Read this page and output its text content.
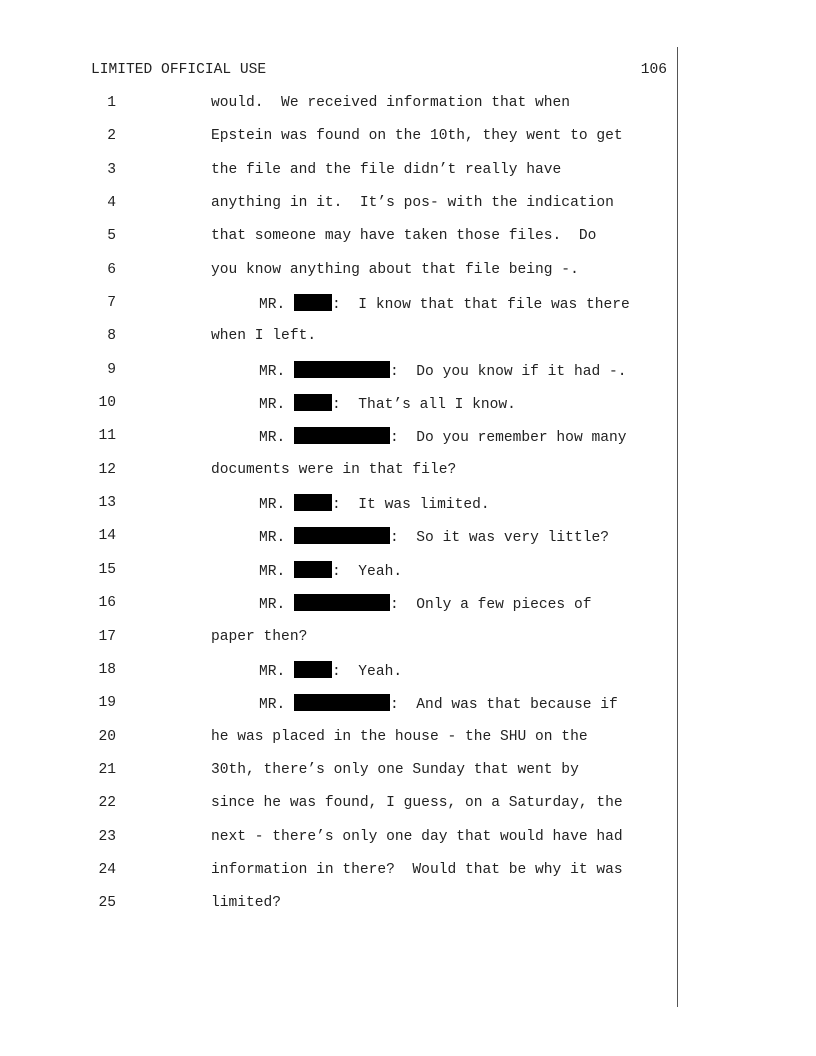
LIMITED OFFICIAL USE	106
1	would.  We received information that when
2	Epstein was found on the 10th, they went to get
3	the file and the file didn’t really have
4	anything in it.  It’s pos- with the indication
5	that someone may have taken those files.  Do
6	you know anything about that file being -.
7	MR.	:  I know that that file was there
8	when I left.
9	MR.	:  Do you know if it had -.
10	MR.	:  That’s all I know.
11	MR.	:  Do you remember how many
12	documents were in that file?
13	MR.	:  It was limited.
14	MR.	:  So it was very little?
15	MR.	:  Yeah.
16	MR.	:  Only a few pieces of
17	paper then?
18	MR.	:  Yeah.
19	MR.	:  And was that because if
20	he was placed in the house - the SHU on the
21	30th, there’s only one Sunday that went by
22	since he was found, I guess, on a Saturday, the
23	next - there’s only one day that would have had
24	information in there?  Would that be why it was
25	limited?
